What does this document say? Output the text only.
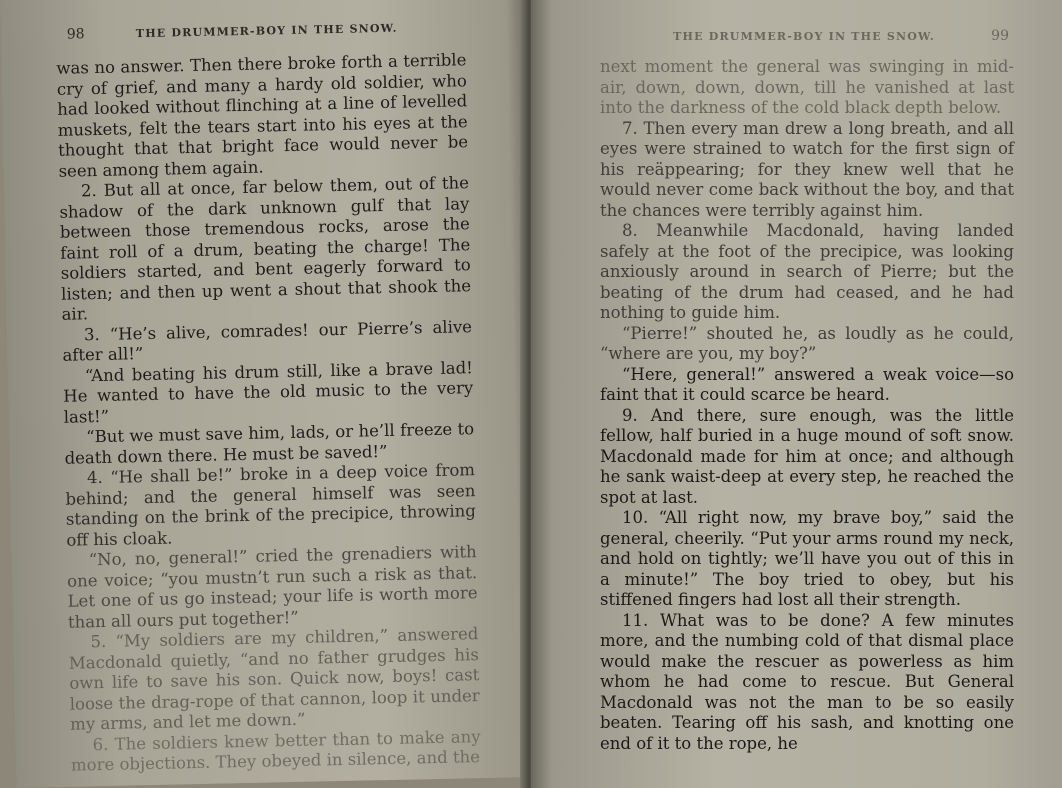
98	THE DRUMMER-BOY IN THE SNOW.

was no answer. Then there broke forth a terrible cry of grief, and many a hardy old soldier, who had looked without flinching at a line of levelled muskets, felt the tears start into his eyes at the thought that that bright face would never be seen among them again.

2. But all at once, far below them, out of the shadow of the dark unknown gulf that lay between those tremendous rocks, arose the faint roll of a drum, beating the charge! The soldiers started, and bent eagerly forward to listen; and then up went a shout that shook the air.

3. “He’s alive, comrades! our Pierre’s alive after all!”

“And beating his drum still, like a brave lad! He wanted to have the old music to the very last!”

“But we must save him, lads, or he’ll freeze to death down there. He must be saved!”

4. “He shall be!” broke in a deep voice from behind; and the general himself was seen standing on the brink of the precipice, throwing off his cloak.

“No, no, general!” cried the grenadiers with one voice; “you mustn’t run such a risk as that. Let one of us go instead; your life is worth more than all ours put together!”

5. “My soldiers are my children,” answered Macdonald quietly, “and no father grudges his own life to save his son. Quick now, boys! cast loose the drag-rope of that cannon, loop it under my arms, and let me down.”

6. The soldiers knew better than to make any more objections. They obeyed in silence, and the

THE DRUMMER-BOY IN THE SNOW.	99

next moment the general was swinging in mid-air, down, down, down, till he vanished at last into the darkness of the cold black depth below.

7. Then every man drew a long breath, and all eyes were strained to watch for the first sign of his reäppearing; for they knew well that he would never come back without the boy, and that the chances were terribly against him.

8. Meanwhile Macdonald, having landed safely at the foot of the precipice, was looking anxiously around in search of Pierre; but the beating of the drum had ceased, and he had nothing to guide him.

“Pierre!” shouted he, as loudly as he could, “where are you, my boy?”

“Here, general!” answered a weak voice—so faint that it could scarce be heard.

9. And there, sure enough, was the little fellow, half buried in a huge mound of soft snow. Macdonald made for him at once; and although he sank waist-deep at every step, he reached the spot at last.

10. “All right now, my brave boy,” said the general, cheerily. “Put your arms round my neck, and hold on tightly; we’ll have you out of this in a minute!” The boy tried to obey, but his stiffened fingers had lost all their strength.

11. What was to be done? A few minutes more, and the numbing cold of that dismal place would make the rescuer as powerless as him whom he had come to rescue. But General Macdonald was not the man to be so easily beaten. Tearing off his sash, and knotting one end of it to the rope, he
